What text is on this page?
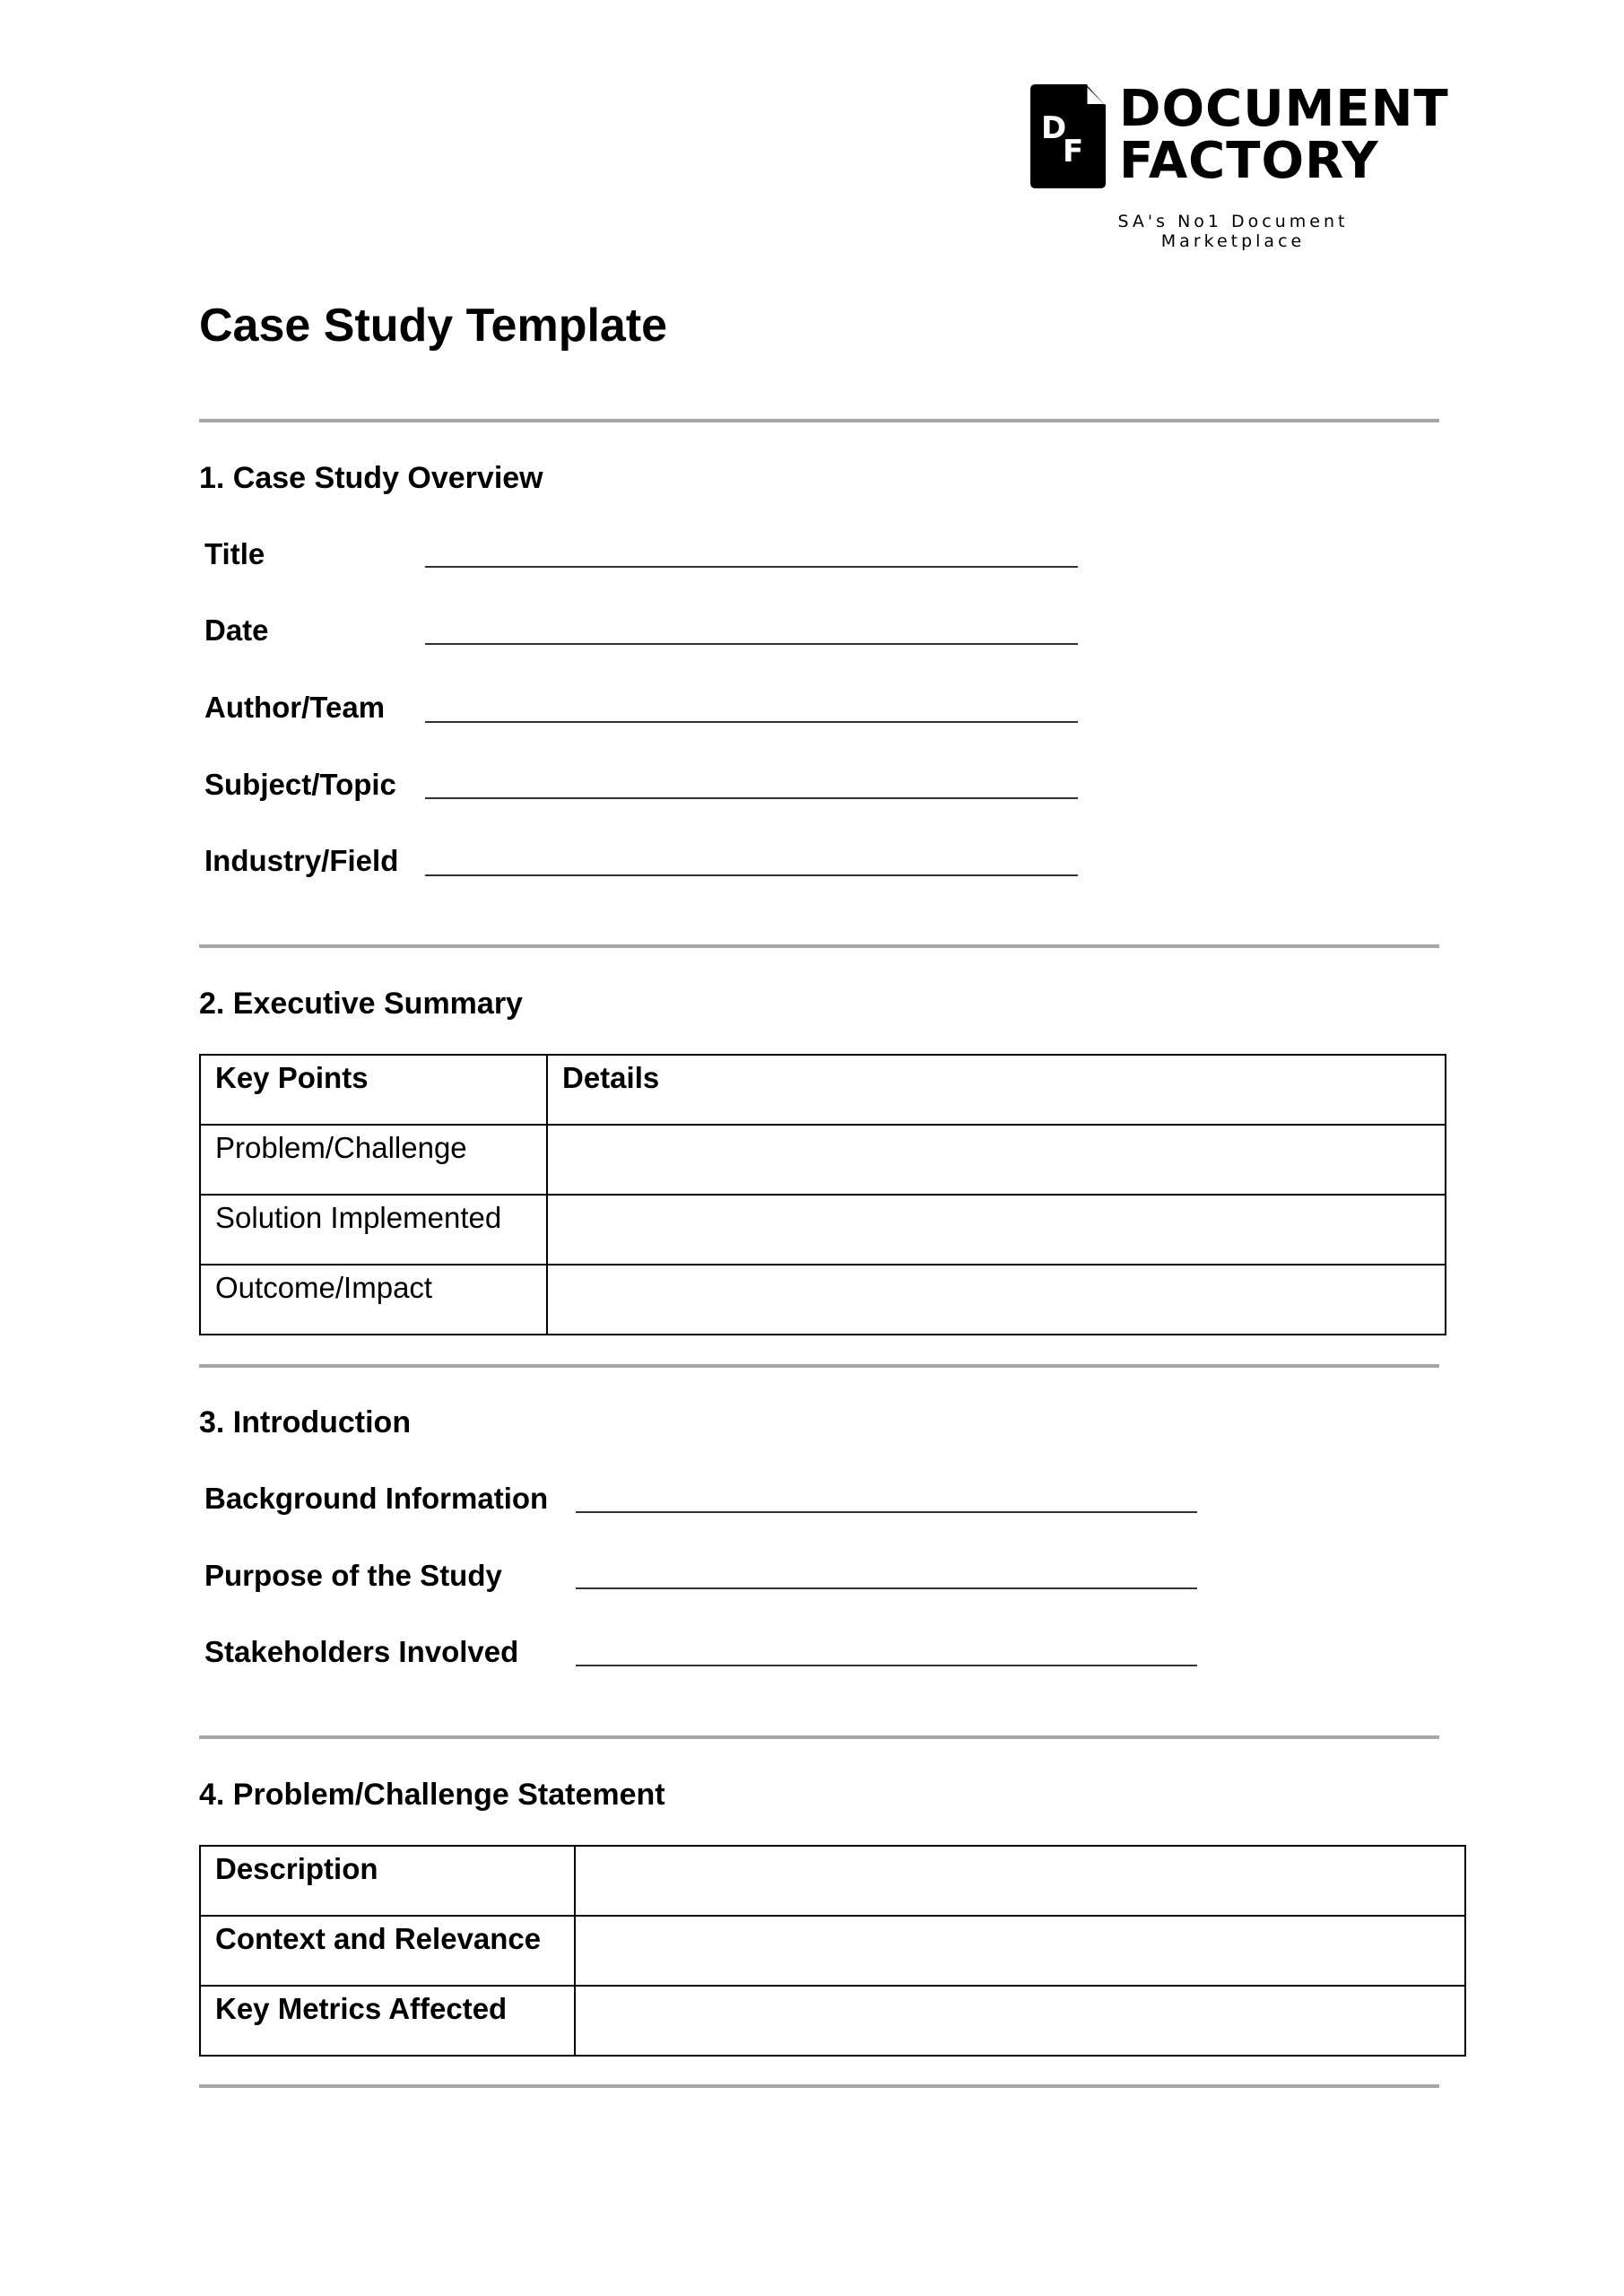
D
F
DOCUMENT
FACTORY
SA's No1 Document Marketplace
Case Study Template
1. Case Study Overview
Title
Date
Author/Team
Subject/Topic
Industry/Field
2. Executive Summary
Key Points	Details
Problem/Challenge	
Solution Implemented	
Outcome/Impact	
3. Introduction
Background Information
Purpose of the Study
Stakeholders Involved
4. Problem/Challenge Statement
Description	
Context and Relevance	
Key Metrics Affected	
